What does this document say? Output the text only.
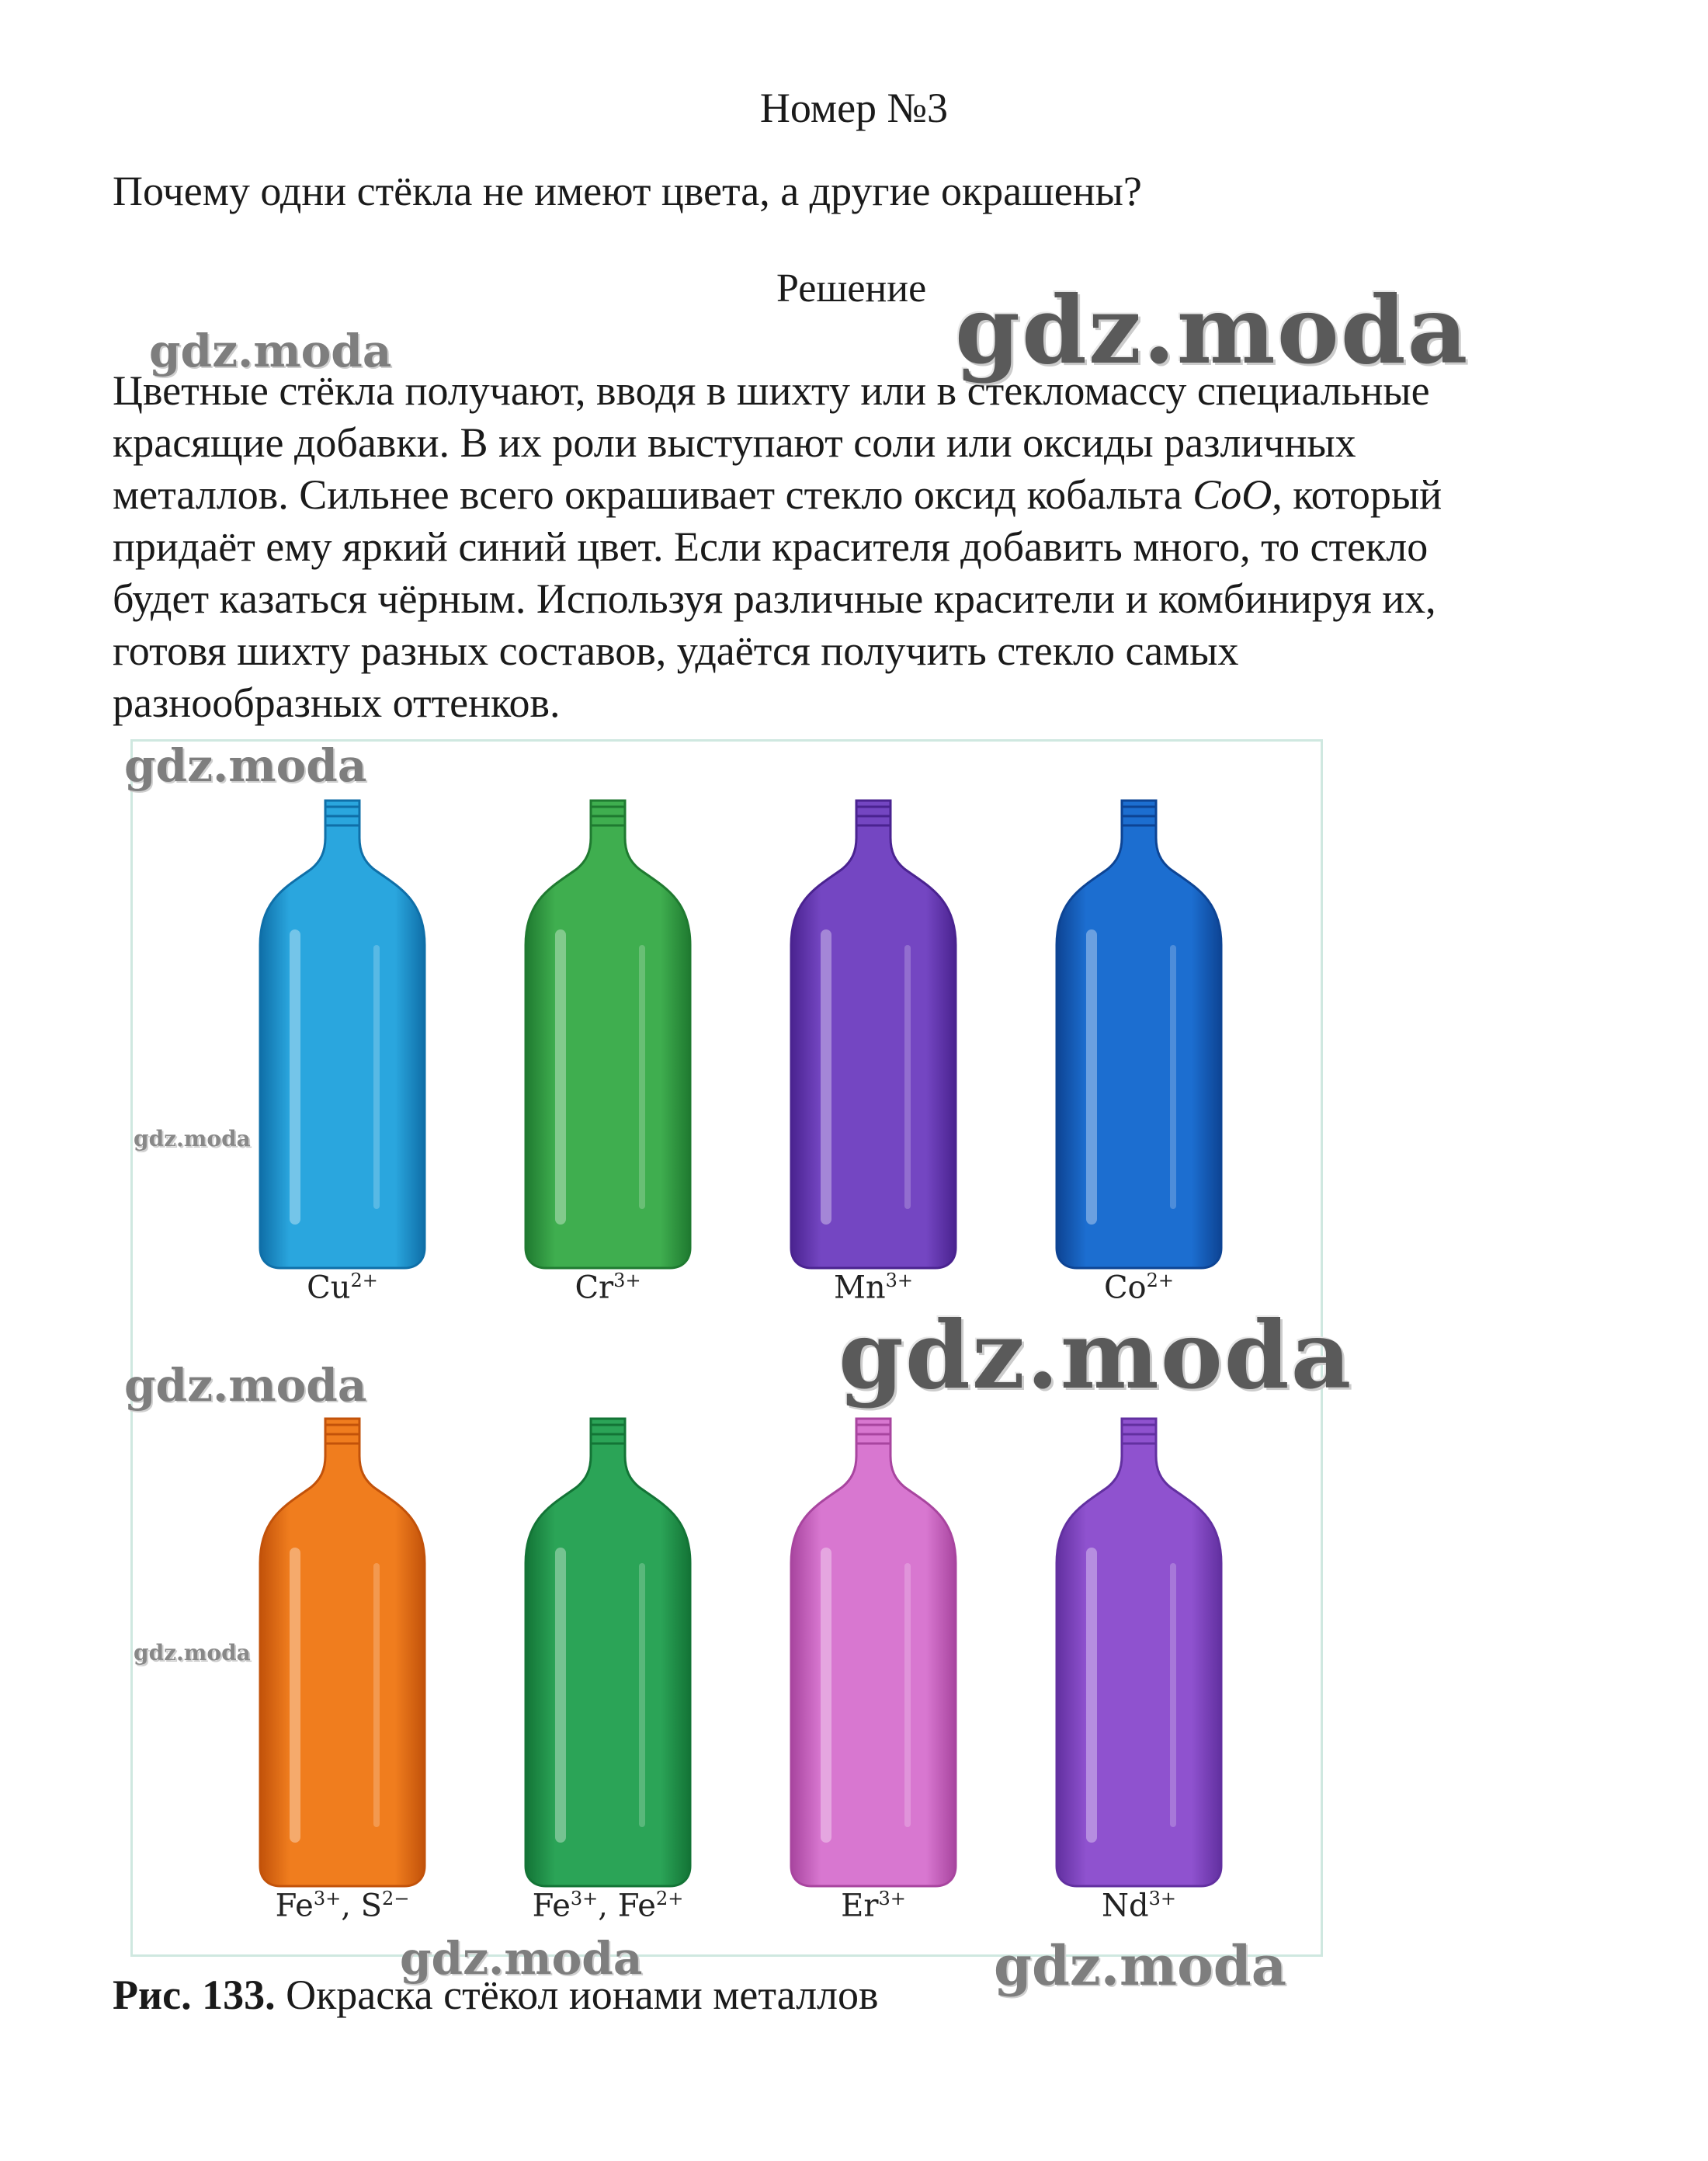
Номер №3
Почему одни стёкла не имеют цвета, а другие окрашены?
Решение
Цветные стёкла получают, вводя в шихту или в стекломассу специальные
красящие добавки. В их роли выступают соли или оксиды различных
металлов. Сильнее всего окрашивает стекло оксид кобальта CoO, который
придаёт ему яркий синий цвет. Если красителя добавить много, то стекло
будет казаться чёрным. Используя различные красители и комбинируя их,
готовя шихту разных составов, удаётся получить стекло самых
разнообразных оттенков.
$Cu^{2+}$	$Cr^{3+}$	$Mn^{3+}$	$Co^{2+}$
$Fe^{3+}$, $S^{2-}$	$Fe^{3+}$, $Fe^{2+}$	$Er^{3+}$	$Nd^{3+}$
Рис. 133. Окраска стёкол ионами металлов
gdz.moda	gdz.moda
gdz.moda
gdz.moda
gdz.moda
gdz.moda
gdz.moda
gdz.moda	gdz.moda
